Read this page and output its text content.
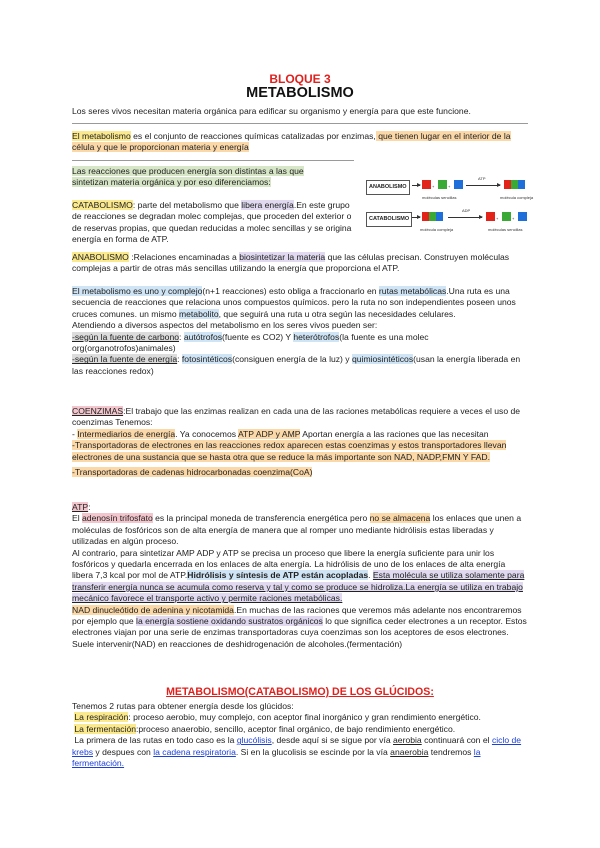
BLOQUE 3
METABOLISMO
Los seres vivos necesitan materia orgánica para edificar su organismo y energía para que este funcione.
El metabolismo es el conjunto de reacciones químicas catalizadas por enzimas, que tienen lugar en el interior de la célula y que le proporcionan materia y energía
Las reacciones que producen energía son distintas a las que sintetizan materia orgánica y por eso diferenciamos:
CATABOLISMO: parte del metabolismo que libera energía.En este grupo de reacciones se degradan molec complejas, que proceden del exterior o de reservas propias, que quedan reducidas a molec sencillas y se origina energía en forma de ATP.
ANABOLISMO :Relaciones encaminadas a biosintetizar la materia que las células precisan. Construyen moléculas complejas a partir de otras más sencillas utilizando la energía que proporciona el ATP.
ANABOLISMO	+	+
ATP
moléculas sencillas	molécula compleja
CATABOLISMO
ADP
+	+
molécula compleja	moléculas sencillas
El metabolismo es uno y complejo(n+1 reacciones) esto obliga a fraccionarlo en rutas metabólicas.Una ruta es una secuencia de reacciones que relaciona unos compuestos químicos. pero la ruta no son independientes poseen unos cruces comunes. un mismo metabolito, que seguirá una ruta u otra según las necesidades celulares.
Atendiendo a diversos aspectos del metabolismo en los seres vivos pueden ser:
-según la fuente de carbono: autótrofos(fuente es CO2) Y heterótrofos(la fuente es una molec org(organotrofos)animales)
-según la fuente de energía: fotosintéticos(consiguen energía de la luz) y quimiosintéticos(usan la energía liberada en las reacciones redox)
COENZIMAS:El trabajo que las enzimas realizan en cada una de las raciones metabólicas requiere a veces el uso de coenzimas Tenemos:
- Intermediarios de energía. Ya conocemos ATP ADP y AMP Aportan energía a las raciones que las necesitan
-Transportadoras de electrones en las reacciones redox aparecen estas coenzimas y estos transportadores llevan electrones de una sustancia que se hasta otra que se reduce la más importante son NAD, NADP,FMN Y FAD.
-Transportadoras de cadenas hidrocarbonadas coenzima(CoA)
ATP:
El adenosín trifosfato es la principal moneda de transferencia energética pero no se almacena los enlaces que unen a moléculas de fosfóricos son de alta energía de manera que al romper uno mediante hidrólisis estas liberadas y utilizadas en algún proceso.
Al contrario, para sintetizar AMP ADP y ATP se precisa un proceso que libere la energía suficiente para unir los fosfóricos y quedarla encerrada en los enlaces de alta energía. La hidrólisis de uno de los enlaces de alta energía libera 7,3 kcal por mol de ATP.Hidrólisis y síntesis de ATP están acopladas. Esta molécula se utiliza solamente para transferir energía nunca se acumula como reserva y tal y como se produce se hidroliza.La energía se utiliza en trabajo mecánico favorece el transporte activo y permite raciones metabólicas.
NAD dinucleótido de adenina y nicotamida.En muchas de las raciones que veremos más adelante nos encontraremos por ejemplo que la energía sostiene oxidando sustratos orgánicos lo que significa ceder electrones a un receptor. Estos electrones viajan por una serie de enzimas transportadoras cuya coenzimas son los aceptores de esos electrones. Suele intervenir(NAD) en reacciones de deshidrogenación de alcoholes.(fermentación)
METABOLISMO(CATABOLISMO) DE LOS GLÚCIDOS:
Tenemos 2 rutas para obtener energía desde los glúcidos:
La respiración: proceso aerobio, muy complejo, con aceptor final inorgánico y gran rendimiento energético.
La fermentación:proceso anaerobio, sencillo, aceptor final orgánico, de bajo rendimiento energético.
La primera de las rutas en todo caso es la glucólisis, desde aquí si se sigue por vía aerobia continuará con el ciclo de krebs y despues con la cadena respiratoria. Si en la glucolisis se escinde por la vía anaerobia tendremos la fermentación.
